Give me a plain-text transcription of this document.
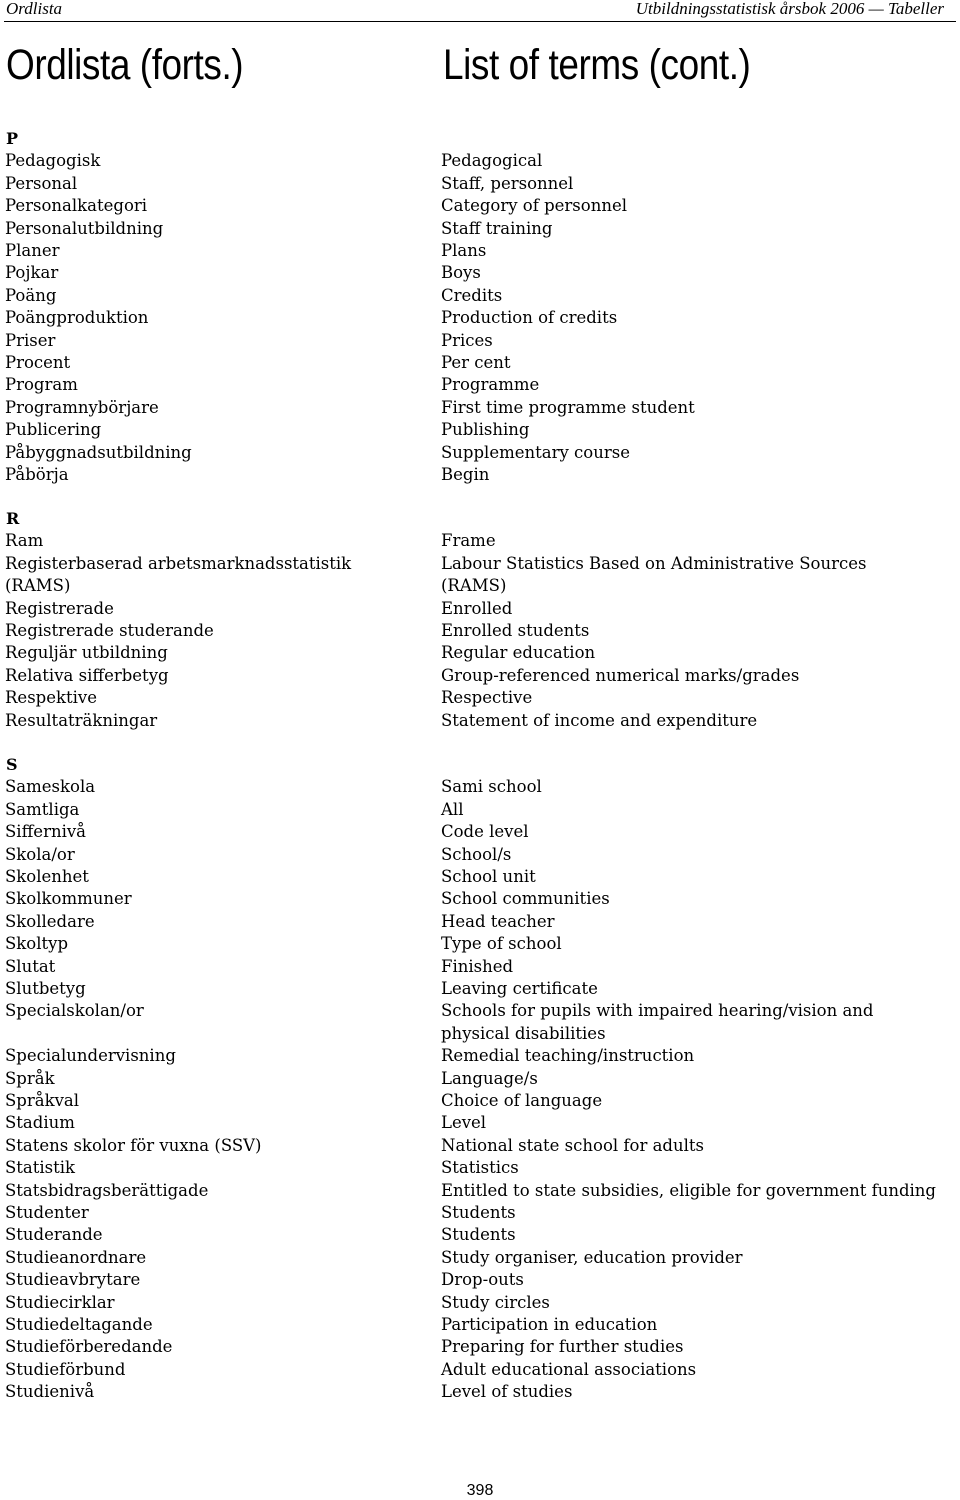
Ordlista	Utbildningsstatistisk årsbok 2006 — Tabeller
Ordlista (forts.)	List of terms (cont.)
P
Pedagogisk	Pedagogical
Personal	Staff, personnel
Personalkategori	Category of personnel
Personalutbildning	Staff training
Planer	Plans
Pojkar	Boys
Poäng	Credits
Poängproduktion	Production of credits
Priser	Prices
Procent	Per cent
Program	Programme
Programnybörjare	First time programme student
Publicering	Publishing
Påbyggnadsutbildning	Supplementary course
Påbörja	Begin
R
Ram	Frame
Registerbaserad arbetsmarknadsstatistik	Labour Statistics Based on Administrative Sources
(RAMS)	(RAMS)
Registrerade	Enrolled
Registrerade studerande	Enrolled students
Reguljär utbildning	Regular education
Relativa sifferbetyg	Group-referenced numerical marks/grades
Respektive	Respective
Resultaträkningar	Statement of income and expenditure
S
Sameskola	Sami school
Samtliga	All
Siffernivå	Code level
Skola/or	School/s
Skolenhet	School unit
Skolkommuner	School communities
Skolledare	Head teacher
Skoltyp	Type of school
Slutat	Finished
Slutbetyg	Leaving certificate
Specialskolan/or	Schools for pupils with impaired hearing/vision and
physical disabilities
Specialundervisning	Remedial teaching/instruction
Språk	Language/s
Språkval	Choice of language
Stadium	Level
Statens skolor för vuxna (SSV)	National state school for adults
Statistik	Statistics
Statsbidragsberättigade	Entitled to state subsidies, eligible for government funding
Studenter	Students
Studerande	Students
Studieanordnare	Study organiser, education provider
Studieavbrytare	Drop-outs
Studiecirklar	Study circles
Studiedeltagande	Participation in education
Studieförberedande	Preparing for further studies
Studieförbund	Adult educational associations
Studienivå	Level of studies
398
